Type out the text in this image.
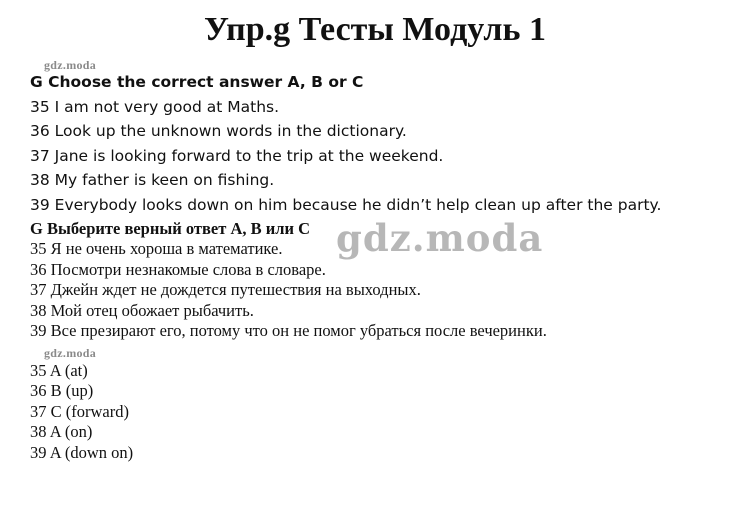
Упр.g Тесты Модуль 1
gdz.moda
G Choose the correct answer A, B or C
35 I am not very good at Maths.
36 Look up the unknown words in the dictionary.
37 Jane is looking forward to the trip at the weekend.
38 My father is keen on fishing.
39 Everybody looks down on him because he didn’t help clean up after the party.
G Выберите верный ответ A, B или C
35 Я не очень хороша в математике.
36 Посмотри незнакомые слова в словаре.
37 Джейн ждет не дождется путешествия на выходных.
38 Мой отец обожает рыбачить.
39 Все презирают его, потому что он не помог убраться после вечеринки.
gdz.moda
gdz.moda
35 A (at)
36 B (up)
37 C (forward)
38 A (on)
39 A (down on)
